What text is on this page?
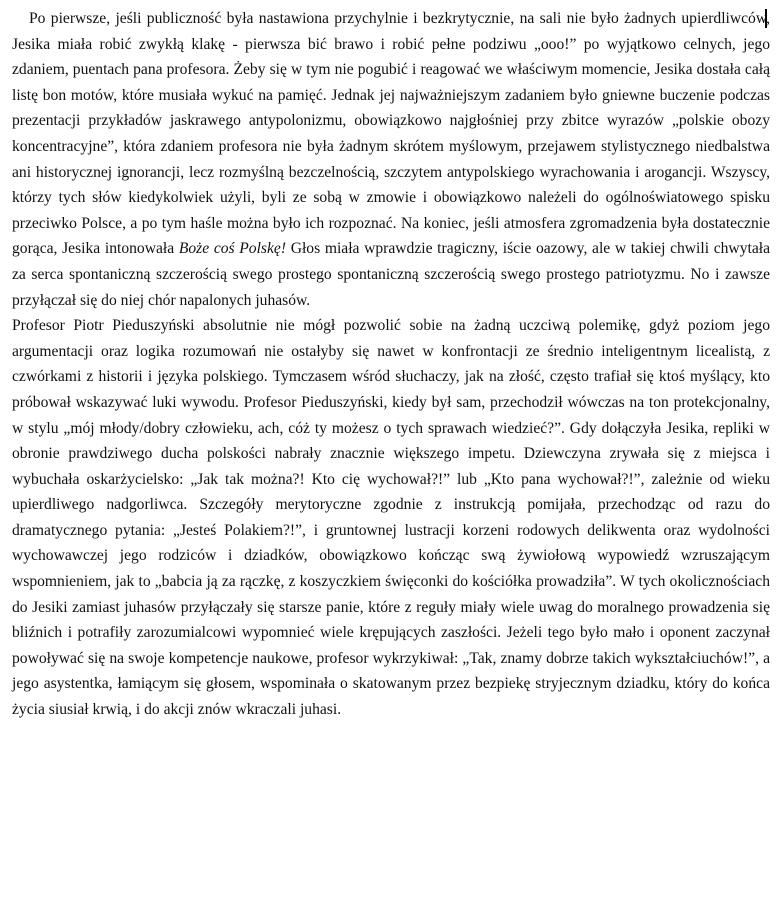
Po pierwsze, jeśli publiczność była nastawiona przychylnie i bezkrytycznie, na sali nie było żadnych upierdliwców, Jesika miała robić zwykłą klakę - pierwsza bić brawo i robić pełne podziwu „ooo!” po wyjątkowo celnych, jego zdaniem, puentach pana profesora. Żeby się w tym nie pogubić i reagować we właściwym momencie, Jesika dostała całą listę bon motów, które musiała wykuć na pamięć. Jednak jej najważniejszym zadaniem było gniewne buczenie podczas prezentacji przykładów jaskrawego antypolonizmu, obowiązkowo najgłośniej przy zbitce wyrazów „polskie obozy koncentracyjne”, która zdaniem profesora nie była żadnym skrótem myślowym, przejawem stylistycznego niedbalstwa ani historycznej ignorancji, lecz rozmyślną bezczelnością, szczytem antypolskiego wyrachowania i arogancji. Wszyscy, którzy tych słów kiedykolwiek użyli, byli ze sobą w zmowie i obowiązkowo należeli do ogólnoświatowego spisku przeciwko Polsce, a po tym haśle można było ich rozpoznać. Na koniec, jeśli atmosfera zgromadzenia była dostatecznie gorąca, Jesika intonowała Boże coś Polskę! Głos miała wprawdzie tragiczny, iście oazowy, ale w takiej chwili chwytała za serca spontaniczną szczerością swego prostego spontaniczną szczerością swego prostego patriotyzmu. No i zawsze przyłączał się do niej chór napalonych juhasów.

Profesor Piotr Pieduszyński absolutnie nie mógł pozwolić sobie na żadną uczciwą polemikę, gdyż poziom jego argumentacji oraz logika rozumowań nie ostałyby się nawet w konfrontacji ze średnio inteligentnym licealistą, z czwórkami z historii i języka polskiego. Tymczasem wśród słuchaczy, jak na złość, często trafiał się ktoś myślący, kto próbował wskazywać luki wywodu. Profesor Pieduszyński, kiedy był sam, przechodził wówczas na ton protekcjonalny, w stylu „mój młody/dobry człowieku, ach, cóż ty możesz o tych sprawach wiedzieć?”. Gdy dołączyła Jesika, repliki w obronie prawdziwego ducha polskości nabrały znacznie większego impetu. Dziewczyna zrywała się z miejsca i wybuchała oskarżycielsko: „Jak tak można?! Kto cię wychował?!” lub „Kto pana wychował?!”, zależnie od wieku upierdliwego nadgorliwca. Szczegóły merytoryczne zgodnie z instrukcją pomijała, przechodząc od razu do dramatycznego pytania: „Jesteś Polakiem?!”, i gruntownej lustracji korzeni rodowych delikwenta oraz wydolności wychowawczej jego rodziców i dziadków, obowiązkowo kończąc swą żywiołową wypowiedź wzruszającym wspomnieniem, jak to „babcia ją za rączkę, z koszyczkiem święconki do kościółka prowadziła”. W tych okolicznościach do Jesiki zamiast juhasów przyłączały się starsze panie, które z reguły miały wiele uwag do moralnego prowadzenia się bliźnich i potrafiły zarozumialcowi wypomnieć wiele krępujących zaszłości. Jeżeli tego było mało i oponent zaczynał powoływać się na swoje kompetencje naukowe, profesor wykrzykiwał: „Tak, znamy dobrze takich wykształciuchów!”, a jego asystentka, łamiącym się głosem, wspominała o skatowanym przez bezpiekę stryjecznym dziadku, który do końca życia siusiał krwią, i do akcji znów wkraczali juhasi.
